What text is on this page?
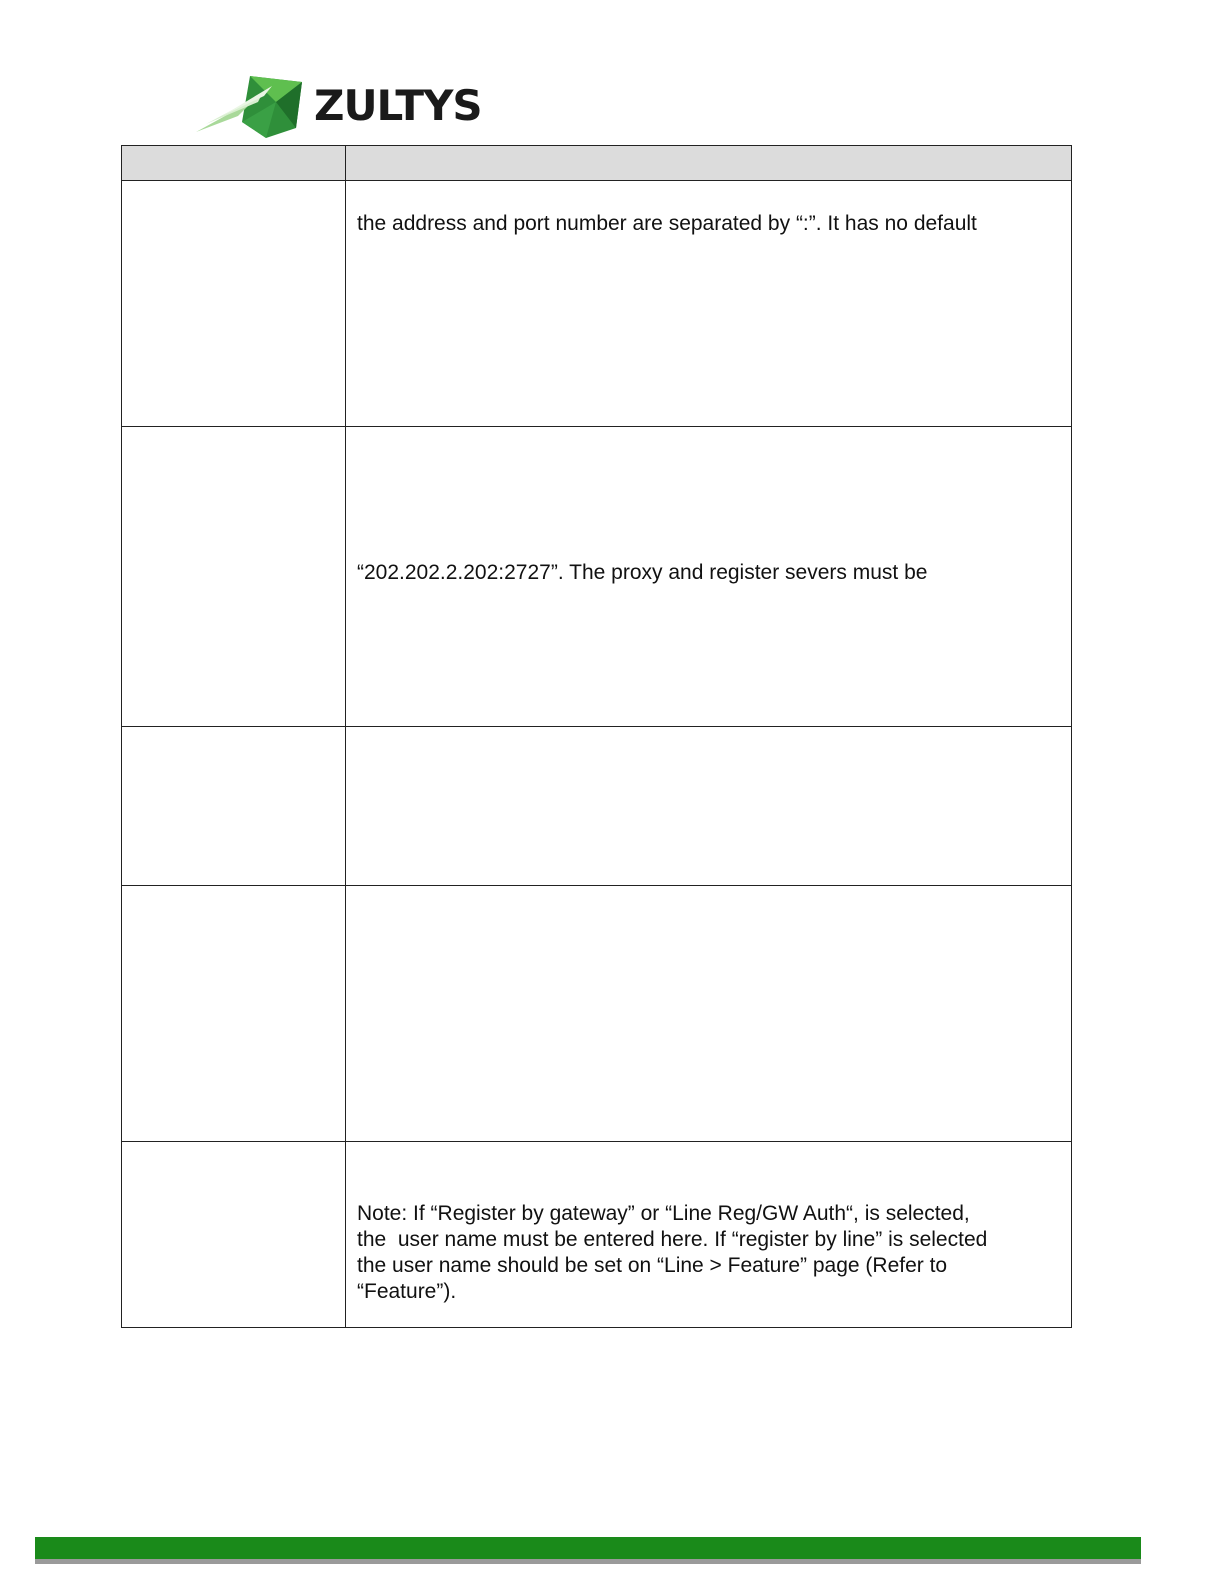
ZULTYS

	the address and port number are separated by “:”. It has no default

	“202.202.2.202:2727”. The proxy and register severs must be

	Note: If “Register by gateway” or “Line Reg/GW Auth“, is selected,
the  user name must be entered here. If “register by line” is selected
the user name should be set on “Line > Feature” page (Refer to
“Feature”).
